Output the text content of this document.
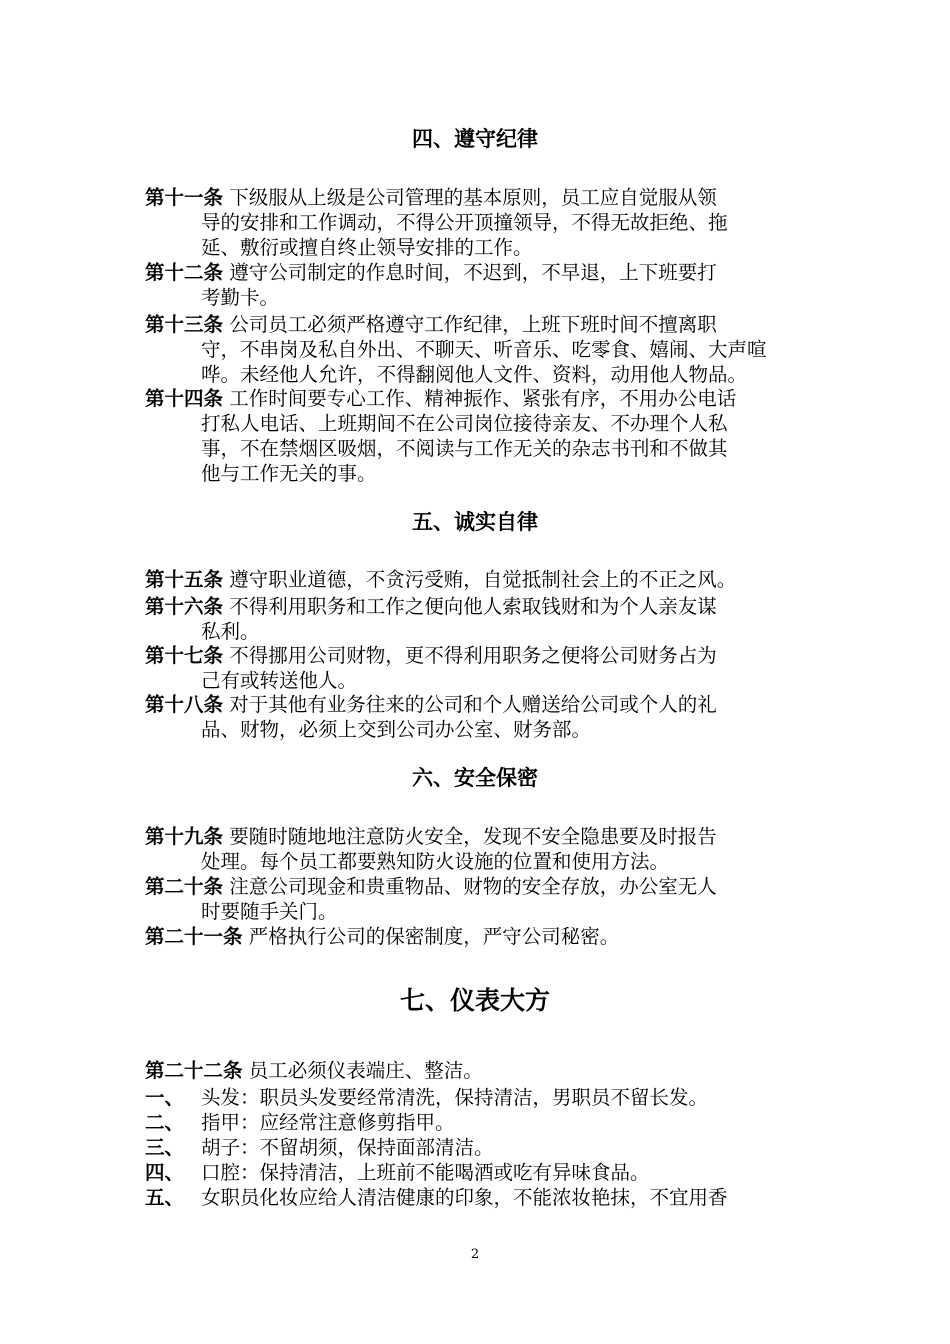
四、遵守纪律
第十一条 下级服从上级是公司管理的基本原则，员工应自觉服从领
导的安排和工作调动，不得公开顶撞领导，不得无故拒绝、拖
延、敷衍或擅自终止领导安排的工作。
第十二条 遵守公司制定的作息时间，不迟到，不早退，上下班要打
考勤卡。
第十三条 公司员工必须严格遵守工作纪律，上班下班时间不擅离职
守，不串岗及私自外出、不聊天、听音乐、吃零食、嬉闹、大声喧
哗。未经他人允许，不得翻阅他人文件、资料，动用他人物品。
第十四条 工作时间要专心工作、精神振作、紧张有序，不用办公电话
打私人电话、上班期间不在公司岗位接待亲友、不办理个人私
事，不在禁烟区吸烟，不阅读与工作无关的杂志书刊和不做其
他与工作无关的事。
五、诚实自律
第十五条 遵守职业道德，不贪污受贿，自觉抵制社会上的不正之风。
第十六条 不得利用职务和工作之便向他人索取钱财和为个人亲友谋
私利。
第十七条 不得挪用公司财物，更不得利用职务之便将公司财务占为
己有或转送他人。
第十八条 对于其他有业务往来的公司和个人赠送给公司或个人的礼
品、财物，必须上交到公司办公室、财务部。
六、安全保密
第十九条 要随时随地地注意防火安全，发现不安全隐患要及时报告
处理。每个员工都要熟知防火设施的位置和使用方法。
第二十条 注意公司现金和贵重物品、财物的安全存放，办公室无人
时要随手关门。
第二十一条 严格执行公司的保密制度，严守公司秘密。
七、仪表大方
第二十二条 员工必须仪表端庄、整洁。
一、 头发：职员头发要经常清洗，保持清洁，男职员不留长发。
二、 指甲：应经常注意修剪指甲。
三、 胡子：不留胡须，保持面部清洁。
四、 口腔：保持清洁，上班前不能喝酒或吃有异味食品。
五、 女职员化妆应给人清洁健康的印象，不能浓妆艳抹，不宜用香
2
